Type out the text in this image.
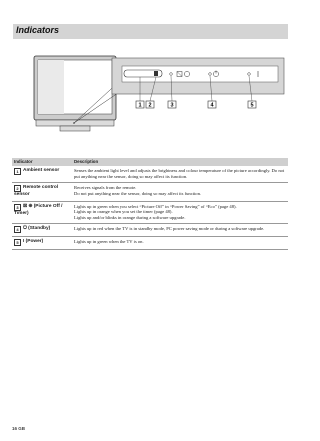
Indicators
1 2	3	4	5
Indicator	Description
1 Ambient sensor	Senses the ambient light level and adjusts the brightness and colour temperature of the picture accordingly. Do not put anything near the sensor, doing so may affect its function.

2 Remote control sensor	Receives signals from the remote.
Do not put anything near the sensor, doing so may affect its function.

3 ⊠ ⊕ (Picture Off / Timer)	Lights up in green when you select “Picture Off” in “Power Saving” of “Eco” (page 48).
Lights up in orange when you set the timer (page 48).
Lights up and/or blinks in orange during a software upgrade.

4 ⏻ (Standby)	Lights up in red when the TV is in standby mode, PC power saving mode or during a software upgrade.

5 I (Power)	Lights up in green when the TV is on.
16 GB
